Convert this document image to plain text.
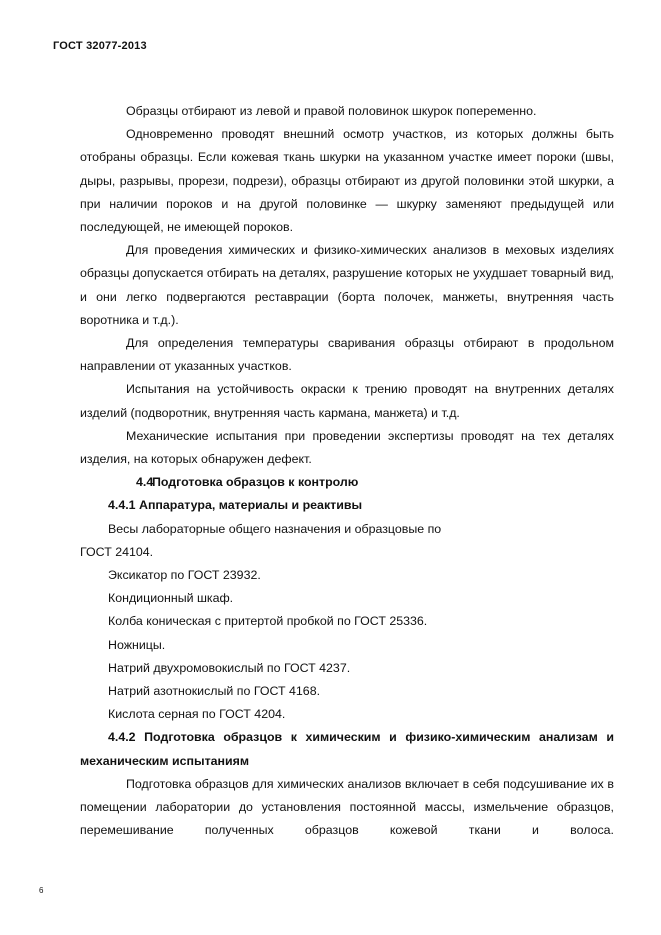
ГОСТ 32077-2013

Образцы отбирают из левой и правой половинок шкурок попеременно.

Одновременно проводят внешний осмотр участков, из которых должны быть отобраны образцы. Если кожевая ткань шкурки на указанном участке имеет пороки (швы, дыры, разрывы, прорези, подрези), образцы отбирают из другой половинки этой шкурки, а при наличии пороков и на другой половинке — шкурку заменяют предыдущей или последующей, не имеющей пороков.

Для проведения химических и физико-химических анализов в меховых изделиях образцы допускается отбирать на деталях, разрушение которых не ухудшает товарный вид, и они легко подвергаются реставрации (борта полочек, манжеты, внутренняя часть воротника и т.д.).

Для определения температуры сваривания образцы отбирают в продольном направлении от указанных участков.

Испытания на устойчивость окраски к трению проводят на внутренних деталях изделий (подворотник, внутренняя часть кармана, манжета) и т.д.

Механические испытания при проведении экспертизы проводят на тех деталях изделия, на которых обнаружен дефект.

4.4Подготовка образцов к контролю

4.4.1 Аппаратура, материалы и реактивы

Весы лабораторные общего назначения и образцовые по

ГОСТ 24104.

Эксикатор по ГОСТ 23932.

Кондиционный шкаф.

Колба коническая с притертой пробкой по ГОСТ 25336.

Ножницы.

Натрий двухромовокислый по ГОСТ 4237.

Натрий азотнокислый по ГОСТ 4168.

Кислота серная по ГОСТ 4204.

4.4.2 Подготовка образцов к химическим и физико-химическим анализам и механическим испытаниям

Подготовка образцов для химических анализов включает в себя подсушивание их в помещении лаборатории до установления постоянной массы, измельчение образцов, перемешивание полученных образцов кожевой ткани и волоса.

6
